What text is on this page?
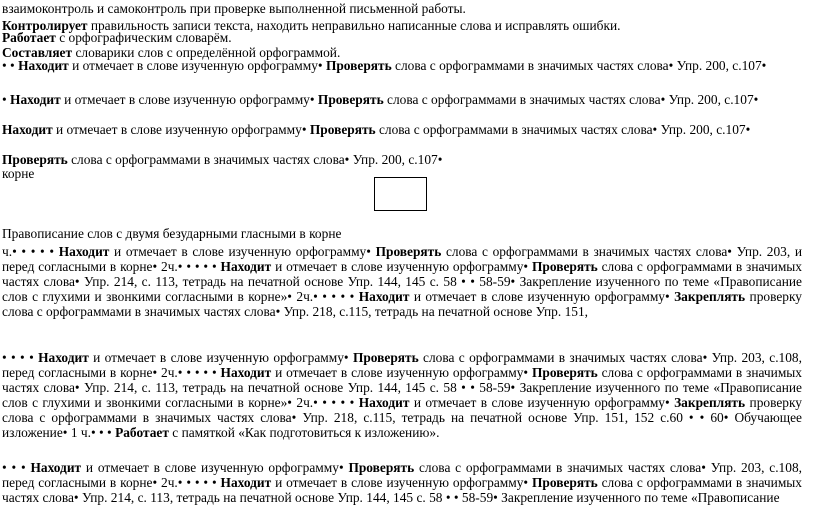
взаимоконтроль и самоконтроль при проверке выполненной письменной работы.
Контролирует правильность записи текста, находить неправильно написанные слова и исправлять ошибки.
Работает с орфографическим словарём.
Составляет словарики слов с определённой орфограммой.
• • Находит и отмечает в слове изученную орфограмму• Проверять слова с орфограммами в значимых частях слова• Упр. 200, с.107•
• Находит и отмечает в слове изученную орфограмму• Проверять слова с орфограммами в значимых частях слова• Упр. 200, с.107•
Находит и отмечает в слове изученную орфограмму• Проверять слова с орфограммами в значимых частях слова• Упр. 200, с.107•
Проверять слова с орфограммами в значимых частях слова• Упр. 200, с.107•
корне
Правописание слов с двумя безударными гласными в корне
ч.• • • • • Находит и отмечает в слове изученную орфограмму• Проверять слова с орфограммами в значимых частях слова• Упр. 203, и перед согласными в корне• 2ч.• • • • • Находит и отмечает в слове изученную орфограмму• Проверять слова с орфограммами в значимых частях слова• Упр. 214, с. 113, тетрадь на печатной основе Упр. 144, 145 с. 58 • • 58-59• Закрепление изученного по теме «Правописание слов с глухими и звонкими согласными в корне»• 2ч.• • • • • Находит и отмечает в слове изученную орфограмму• Закреплять проверку слова с орфограммами в значимых частях слова• Упр. 218, с.115, тетрадь на печатной основе Упр. 151,
• • • • Находит и отмечает в слове изученную орфограмму• Проверять слова с орфограммами в значимых частях слова• Упр. 203, с.108, перед согласными в корне• 2ч.• • • • • Находит и отмечает в слове изученную орфограмму• Проверять слова с орфограммами в значимых частях слова• Упр. 214, с. 113, тетрадь на печатной основе Упр. 144, 145 с. 58 • • 58-59• Закрепление изученного по теме «Правописание слов с глухими и звонкими согласными в корне»• 2ч.• • • • • Находит и отмечает в слове изученную орфограмму• Закреплять проверку слова с орфограммами в значимых частях слова• Упр. 218, с.115, тетрадь на печатной основе Упр. 151, 152 с.60 • • 60• Обучающее изложение• 1 ч.• • • Работает с памяткой «Как подготовиться к изложению».
• • • Находит и отмечает в слове изученную орфограмму• Проверять слова с орфограммами в значимых частях слова• Упр. 203, с.108, перед согласными в корне• 2ч.• • • • • Находит и отмечает в слове изученную орфограмму• Проверять слова с орфограммами в значимых частях слова• Упр. 214, с. 113, тетрадь на печатной основе Упр. 144, 145 с. 58 • • 58-59• Закрепление изученного по теме «Правописание
